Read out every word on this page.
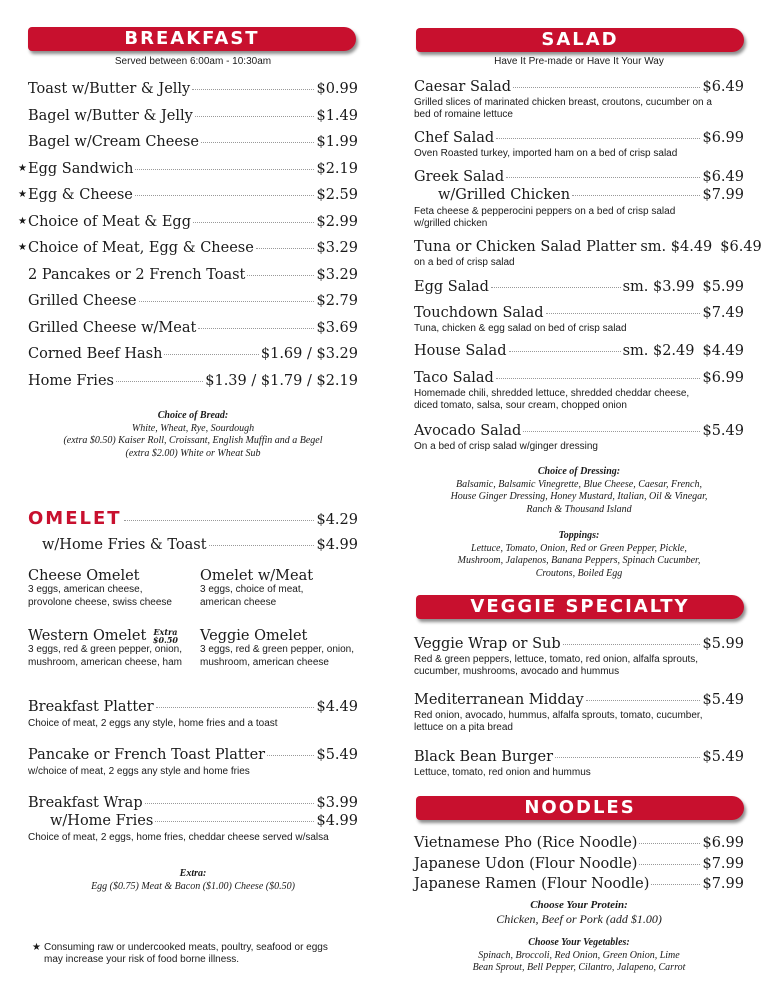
BREAKFAST
Served between 6:00am - 10:30am
Toast w/Butter & Jelly	$0.99
Bagel w/Butter & Jelly	$1.49
Bagel w/Cream Cheese	$1.99
★ Egg Sandwich	$2.19
★ Egg & Cheese	$2.59
★ Choice of Meat & Egg	$2.99
★ Choice of Meat, Egg & Cheese	$3.29
2 Pancakes or 2 French Toast	$3.29
Grilled Cheese	$2.79
Grilled Cheese w/Meat	$3.69
Corned Beef Hash	$1.69 / $3.29
Home Fries	$1.39 / $1.79 / $2.19
Choice of Bread:
White, Wheat, Rye, Sourdough
(extra $0.50) Kaiser Roll, Croissant, English Muffin and a Begel
(extra $2.00) White or Wheat Sub
OMELET	$4.29
w/Home Fries & Toast	$4.99
Cheese Omelet
3 eggs, american cheese,
provolone cheese, swiss cheese
Omelet w/Meat
3 eggs, choice of meat,
american cheese
Western Omelet Extra
$0.50
3 eggs, red & green pepper, onion,
mushroom, american cheese, ham
Veggie Omelet
3 eggs, red & green pepper, onion,
mushroom, american cheese
Breakfast Platter	$4.49
Choice of meat, 2 eggs any style, home fries and a toast
Pancake or French Toast Platter	$5.49
w/choice of meat, 2 eggs any style and home fries
Breakfast Wrap	$3.99
w/Home Fries	$4.99
Choice of meat, 2 eggs, home fries, cheddar cheese served w/salsa
Extra:
Egg ($0.75) Meat & Bacon ($1.00) Cheese ($0.50)
★ Consuming raw or undercooked meats, poultry, seafood or eggs
may increase your risk of food borne illness.
SALAD
Have It Pre-made or Have It Your Way
Caesar Salad	$6.49
Grilled slices of marinated chicken breast, croutons, cucumber on a
bed of romaine lettuce
Chef Salad	$6.99
Oven Roasted turkey, imported ham on a bed of crisp salad
Greek Salad	$6.49
w/Grilled Chicken	$7.99
Feta cheese & pepperocini peppers on a bed of crisp salad
w/grilled chicken
Tuna or Chicken Salad Platter sm. $4.49 $6.49
on a bed of crisp salad
Egg Salad	sm. $3.99 $5.99
Touchdown Salad	$7.49
Tuna, chicken & egg salad on bed of crisp salad
House Salad	sm. $2.49 $4.49
Taco Salad	$6.99
Homemade chili, shredded lettuce, shredded cheddar cheese,
diced tomato, salsa, sour cream, chopped onion
Avocado Salad	$5.49
On a bed of crisp salad w/ginger dressing
Choice of Dressing:
Balsamic, Balsamic Vinegrette, Blue Cheese, Caesar, French,
House Ginger Dressing, Honey Mustard, Italian, Oil & Vinegar,
Ranch & Thousand Island
Toppings:
Lettuce, Tomato, Onion, Red or Green Pepper, Pickle,
Mushroom, Jalapenos, Banana Peppers, Spinach Cucumber,
Croutons, Boiled Egg
VEGGIE SPECIALTY
Veggie Wrap or Sub	$5.99
Red & green peppers, lettuce, tomato, red onion, alfalfa sprouts,
cucumber, mushrooms, avocado and hummus
Mediterranean Midday	$5.49
Red onion, avocado, hummus, alfalfa sprouts, tomato, cucumber,
lettuce on a pita bread
Black Bean Burger	$5.49
Lettuce, tomato, red onion and hummus
NOODLES
Vietnamese Pho (Rice Noodle)	$6.99
Japanese Udon (Flour Noodle)	$7.99
Japanese Ramen (Flour Noodle)	$7.99
Choose Your Protein:
Chicken, Beef or Pork (add $1.00)
Choose Your Vegetables:
Spinach, Broccoli, Red Onion, Green Onion, Lime
Bean Sprout, Bell Pepper, Cilantro, Jalapeno, Carrot
